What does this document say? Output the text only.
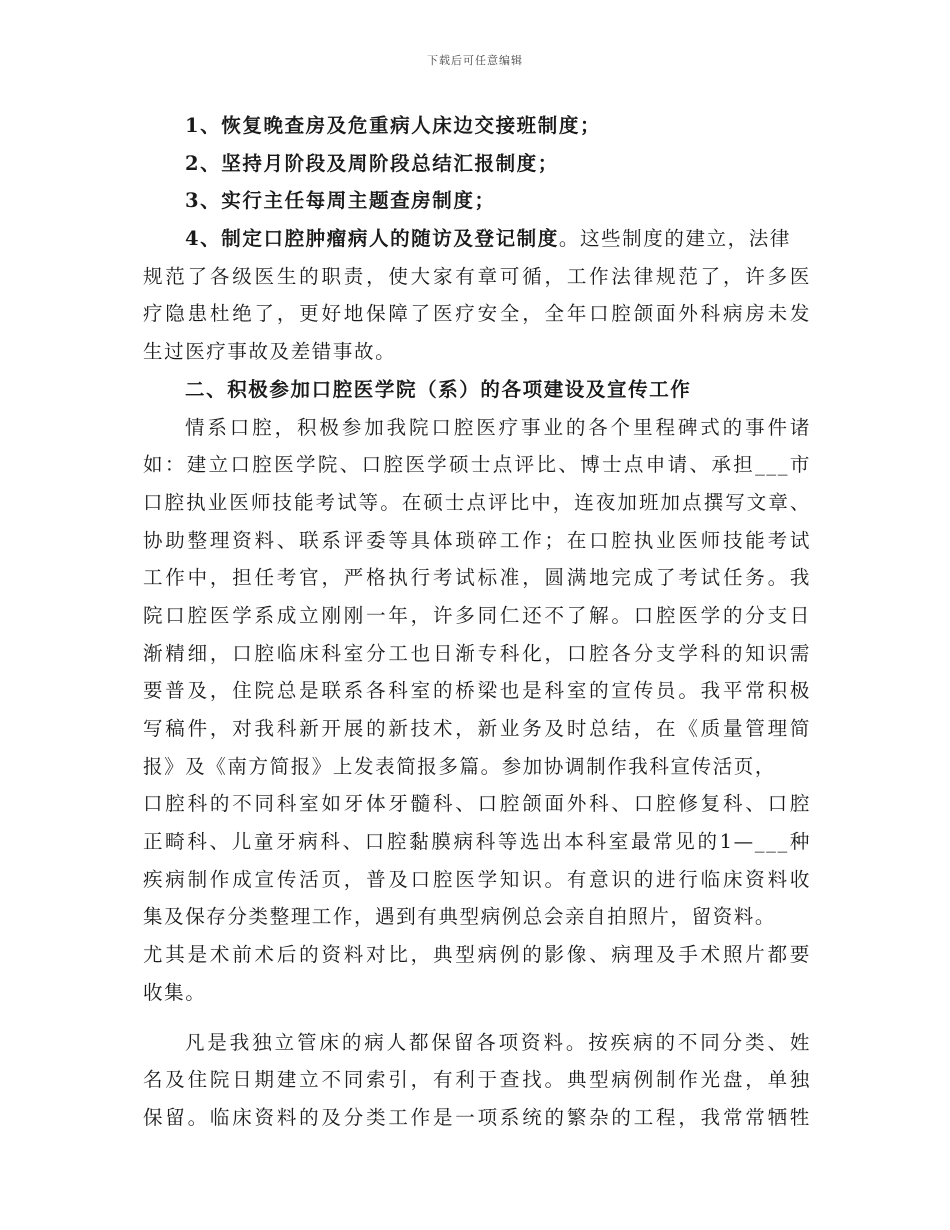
下载后可任意编辑
1、恢复晚查房及危重病人床边交接班制度；
2、坚持月阶段及周阶段总结汇报制度；
3、实行主任每周主题查房制度；
4、制定口腔肿瘤病人的随访及登记制度。这些制度的建立，法律
规范了各级医生的职责，使大家有章可循，工作法律规范了，许多医
疗隐患杜绝了，更好地保障了医疗安全，全年口腔颌面外科病房未发
生过医疗事故及差错事故。
二、积极参加口腔医学院（系）的各项建设及宣传工作
情系口腔，积极参加我院口腔医疗事业的各个里程碑式的事件诸
如：建立口腔医学院、口腔医学硕士点评比、博士点申请、承担___市
口腔执业医师技能考试等。在硕士点评比中，连夜加班加点撰写文章、
协助整理资料、联系评委等具体琐碎工作；在口腔执业医师技能考试
工作中，担任考官，严格执行考试标准，圆满地完成了考试任务。我
院口腔医学系成立刚刚一年，许多同仁还不了解。口腔医学的分支日
渐精细，口腔临床科室分工也日渐专科化，口腔各分支学科的知识需
要普及，住院总是联系各科室的桥梁也是科室的宣传员。我平常积极
写稿件，对我科新开展的新技术，新业务及时总结，在《质量管理简
报》及《南方简报》上发表简报多篇。参加协调制作我科宣传活页，
口腔科的不同科室如牙体牙髓科、口腔颌面外科、口腔修复科、口腔
正畸科、儿童牙病科、口腔黏膜病科等选出本科室最常见的1—___种
疾病制作成宣传活页，普及口腔医学知识。有意识的进行临床资料收
集及保存分类整理工作，遇到有典型病例总会亲自拍照片，留资料。
尤其是术前术后的资料对比，典型病例的影像、病理及手术照片都要
收集。
凡是我独立管床的病人都保留各项资料。按疾病的不同分类、姓
名及住院日期建立不同索引，有利于查找。典型病例制作光盘，单独
保留。临床资料的及分类工作是一项系统的繁杂的工程，我常常牺牲
